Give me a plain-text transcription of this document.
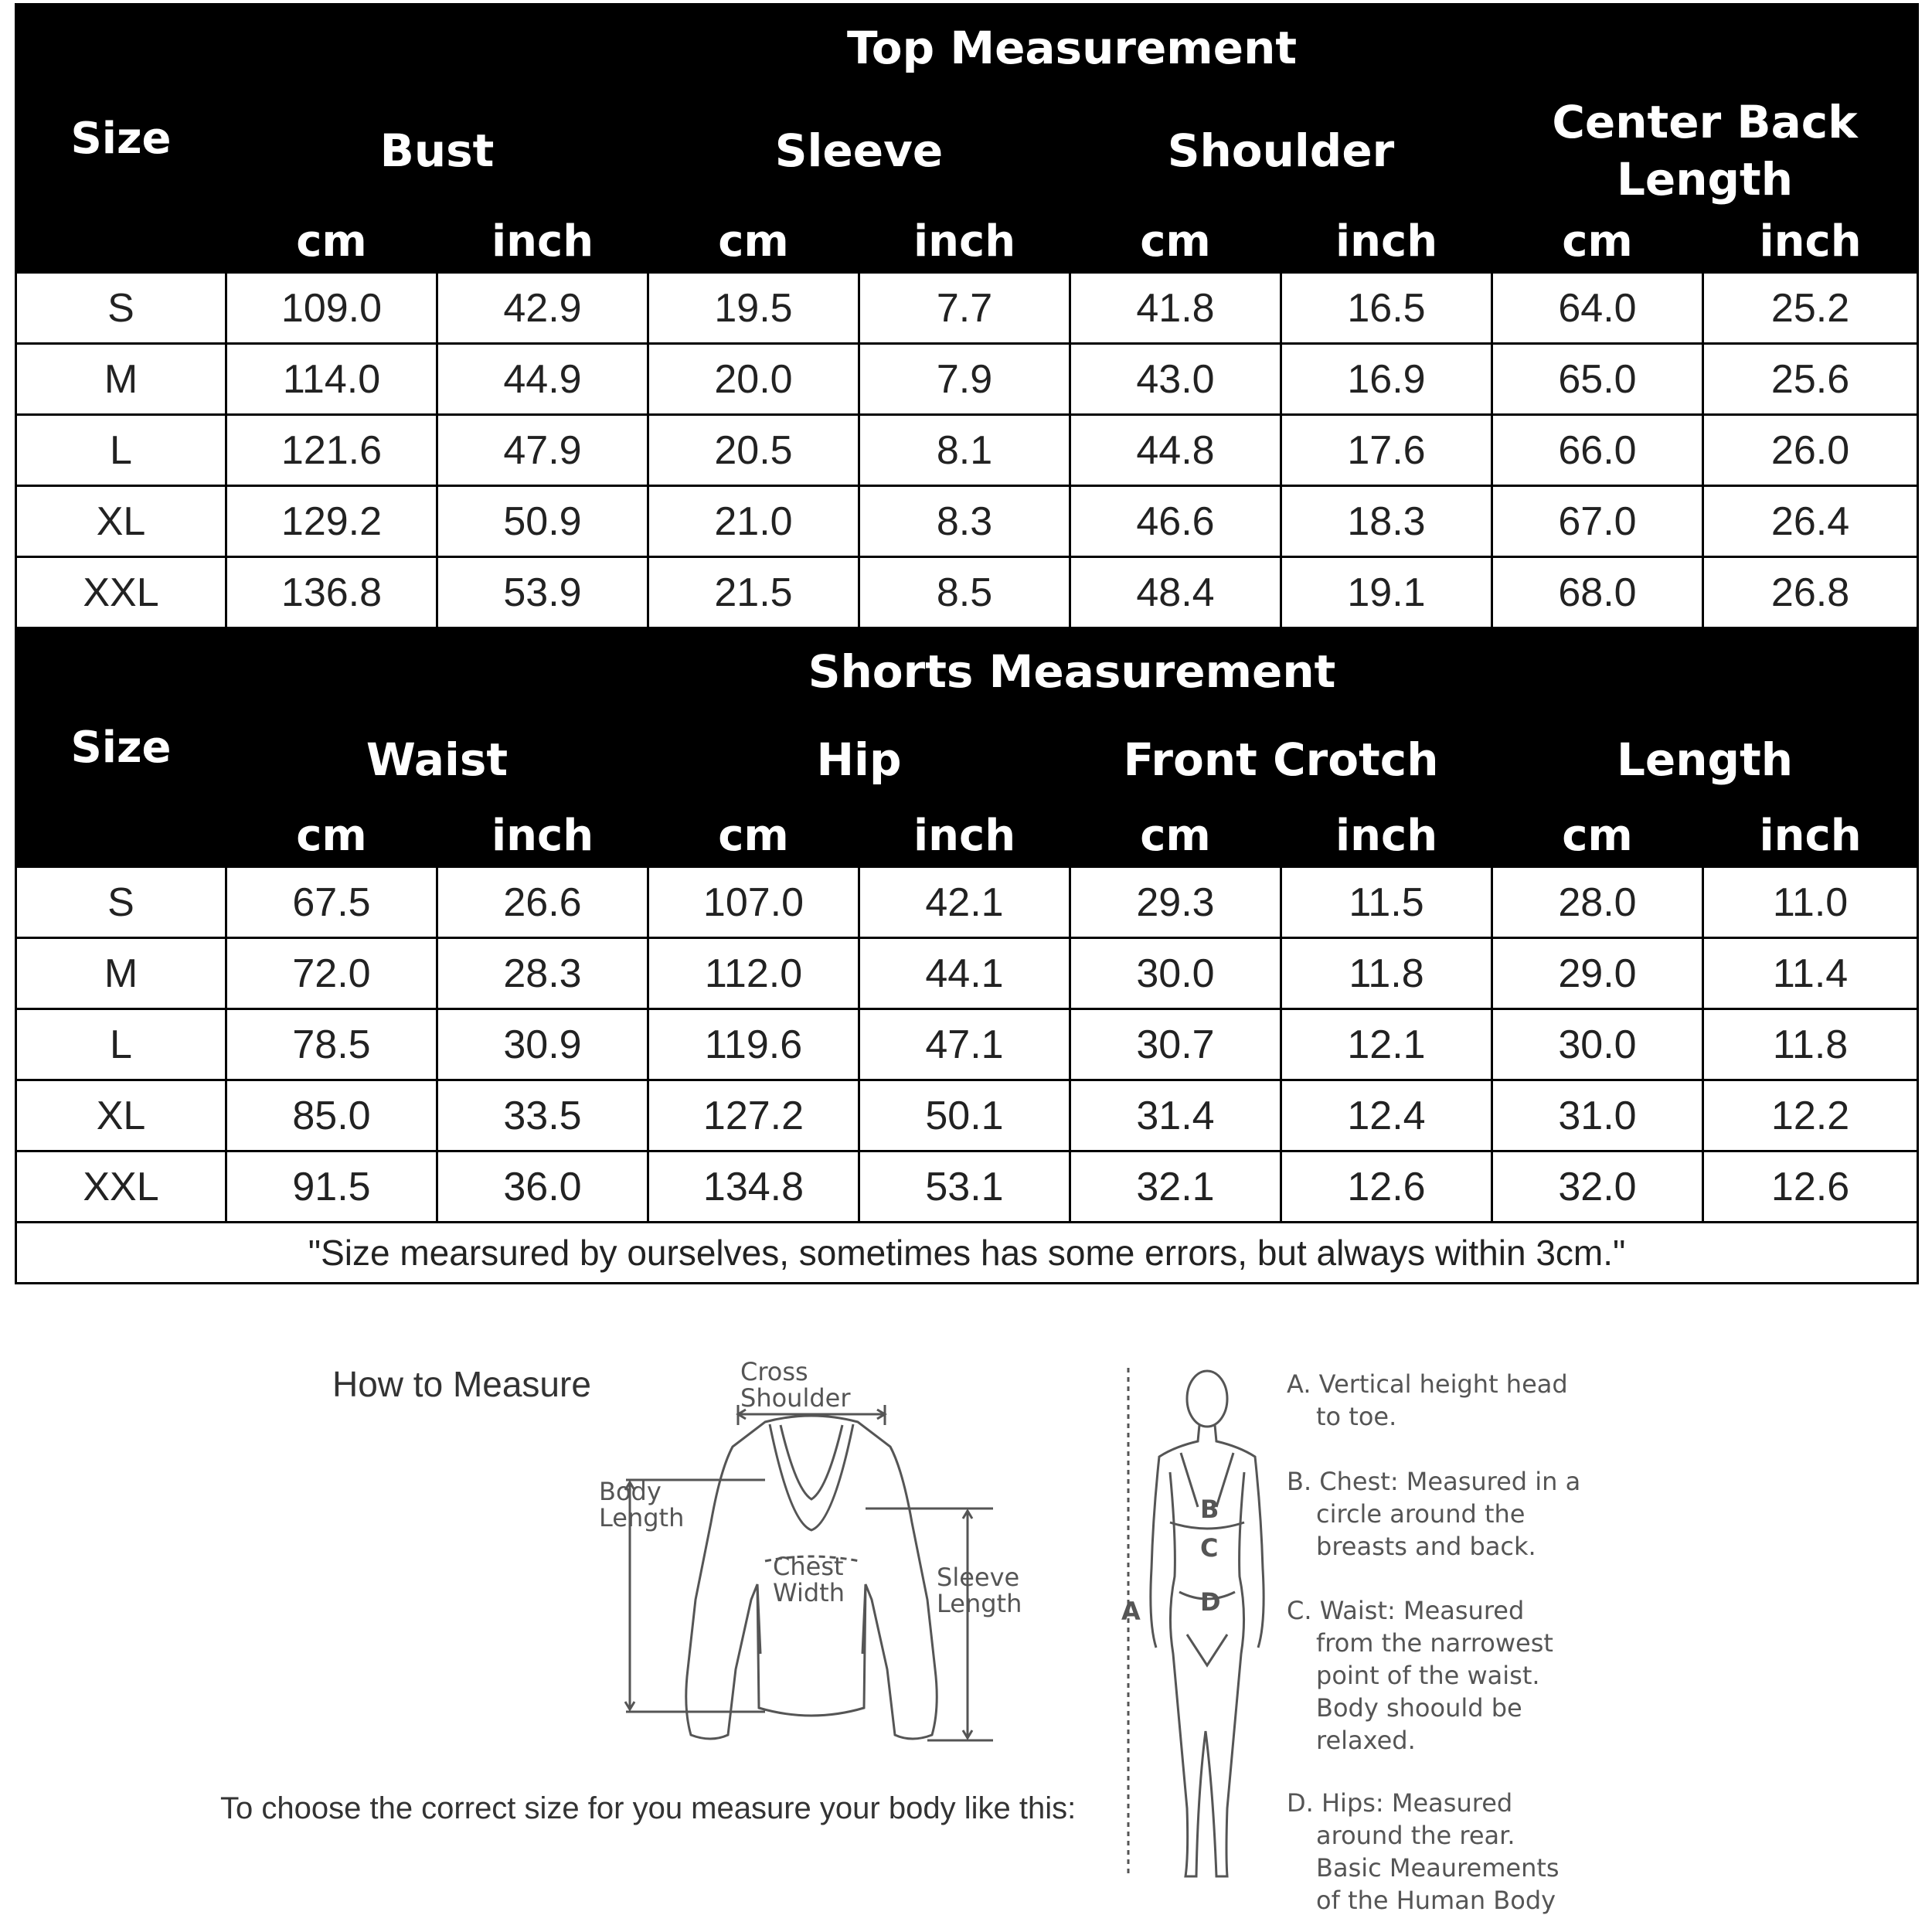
Size	Top Measurement							
	Bust		Sleeve		Shoulder		Center Back Length	
	cm	inch	cm	inch	cm	inch	cm	inch
S	109.0	42.9	19.5	7.7	41.8	16.5	64.0	25.2
M	114.0	44.9	20.0	7.9	43.0	16.9	65.0	25.6
L	121.6	47.9	20.5	8.1	44.8	17.6	66.0	26.0
XL	129.2	50.9	21.0	8.3	46.6	18.3	67.0	26.4
XXL	136.8	53.9	21.5	8.5	48.4	19.1	68.0	26.8
Size	Shorts Measurement							
	Waist		Hip		Front Crotch		Length	
	cm	inch	cm	inch	cm	inch	cm	inch
S	67.5	26.6	107.0	42.1	29.3	11.5	28.0	11.0
M	72.0	28.3	112.0	44.1	30.0	11.8	29.0	11.4
L	78.5	30.9	119.6	47.1	30.7	12.1	30.0	11.8
XL	85.0	33.5	127.2	50.1	31.4	12.4	31.0	12.2
XXL	91.5	36.0	134.8	53.1	32.1	12.6	32.0	12.6
"Size mearsured by ourselves, sometimes has some errors, but always within 3cm."								
How to Measure
To choose the correct size for you measure your body like this:
Cross
Shoulder
Body
Length
Chest
Width
Sleeve
Length	A
B
C
D
A. Vertical height head
to toe.
B. Chest: Measured in a
circle around the
breasts and back.
C. Waist: Measured
from the narrowest
point of the waist.
Body shoould be
relaxed.
D. Hips: Measured
around the rear.
Basic Meaurements
of the Human Body
